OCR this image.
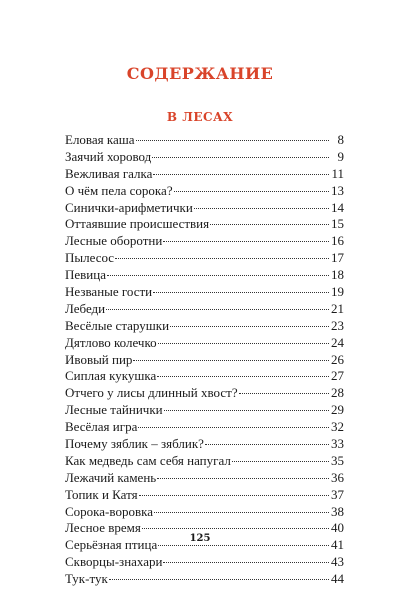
СОДЕРЖАНИЕ
В ЛЕСАХ
Еловая каша	8
Заячий хоровод	9
Вежливая галка	11
О чём пела сорока?	13
Синички-арифметички	14
Оттаявшие происшествия	15
Лесные оборотни	16
Пылесос	17
Певица	18
Незваные гости	19
Лебеди	21
Весёлые старушки	23
Дятлово колечко	24
Ивовый пир	26
Сиплая кукушка	27
Отчего у лисы длинный хвост?	28
Лесные тайнички	29
Весёлая игра	32
Почему зяблик – зяблик?	33
Как медведь сам себя напугал	35
Лежачий камень	36
Топик и Катя	37
Сорока-воровка	38
Лесное время	40
Серьёзная птица	41
Скворцы-знахари	43
Тук-тук	44
125
